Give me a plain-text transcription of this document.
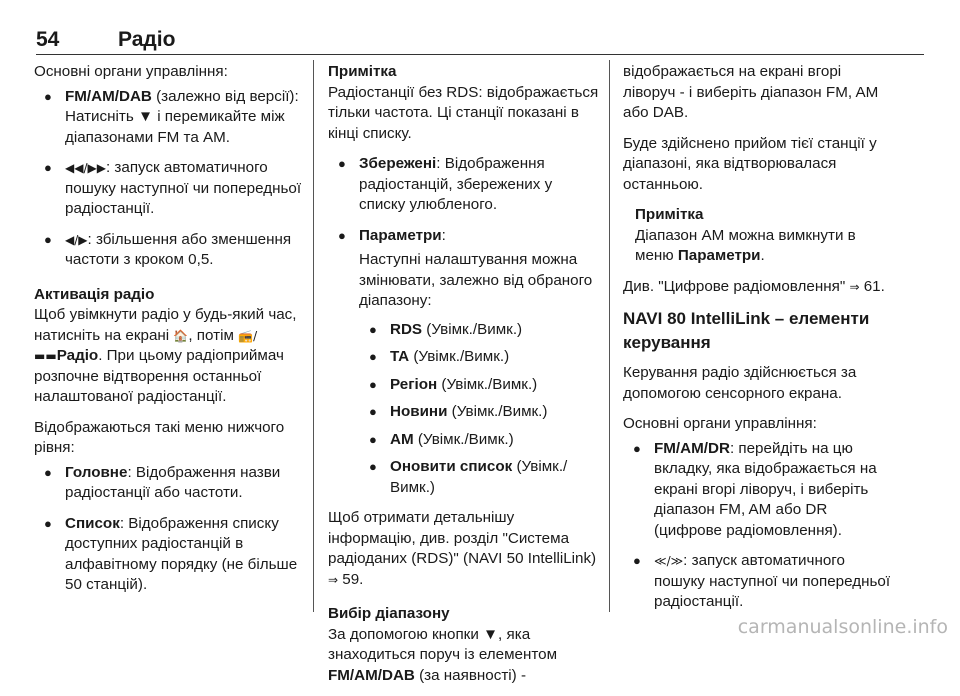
54	Радіо

Основні органи управління:

● FM/AM/DAB (залежно від версії): Натисніть ▼ і перемикайте між діапазонами FM та AM.
● ◀◀/▶▶: запуск автоматичного пошуку наступної чи попередньої радіостанції.
● ◀/▶: збільшення або зменшення частоти з кроком 0,5.

Активація радіо

Щоб увімкнути радіо у будь-який час, натисніть на екрані 🏠, потім 📻/▬▬Радіо. При цьому радіоприймач розпочне відтворення останньої налаштованої радіостанції.

Відображаються такі меню нижчого рівня:

● Головне: Відображення назви радіостанції або частоти.
● Список: Відображення списку доступних радіостанцій в алфавітному порядку (не більше 50 станцій).

Примітка

Радіостанції без RDS: відображається тільки частота. Ці станції показані в кінці списку.

● Збережені: Відображення радіостанцій, збережених у списку улюбленого.
● Параметри:
Наступні налаштування можна змінювати, залежно від обраного діапазону:
● RDS (Увімк./Вимк.)
● TA (Увімк./Вимк.)
● Регіон (Увімк./Вимк.)
● Новини (Увімк./Вимк.)
● AM (Увімк./Вимк.)
● Оновити список (Увімк./ Вимк.)

Щоб отримати детальнішу інформацію, див. розділ "Система радіоданих (RDS)" (NAVI 50 IntelliLink) ⇒ 59.

Вибір діапазону

За допомогою кнопки ▼, яка знаходиться поруч із елементом FM/AM/DAB (за наявності) -

відображається на екрані вгорі ліворуч - і виберіть діапазон FM, AM або DAB.

Буде здійснено прийом тієї станції у діапазоні, яка відтворювалася останньою.

Примітка

Діапазон AM можна вимкнути в меню Параметри.

Див. "Цифрове радіомовлення" ⇒ 61.

NAVI 80 IntelliLink – елементи керування

Керування радіо здійснюється за допомогою сенсорного екрана.

Основні органи управління:

● FM/AM/DR: перейдіть на цю вкладку, яка відображається на екрані вгорі ліворуч, і виберіть діапазон FM, AM або DR (цифрове радіомовлення).
● ≪/≫: запуск автоматичного пошуку наступної чи попередньої радіостанції.
carmanualsonline.info
